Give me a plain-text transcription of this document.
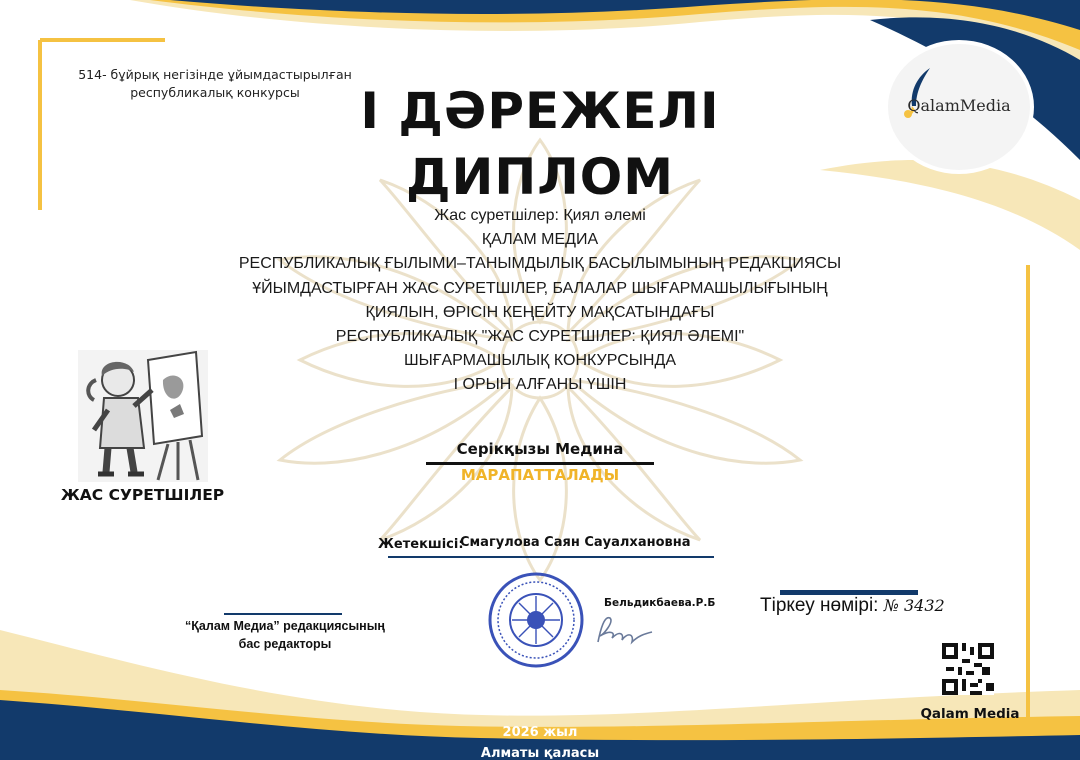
QalamMedia
514- бұйрық негізінде ұйымдастырылған республикалық конкурсы	І ДӘРЕЖЕЛІ
ДИПЛОМ
Жас суретшілер: Қиял әлемі
ҚАЛАМ МЕДИА
РЕСПУБЛИКАЛЫҚ ҒЫЛЫМИ–ТАНЫМДЫЛЫҚ БАСЫЛЫМЫНЫҢ РЕДАКЦИЯСЫ
ҰЙЫМДАСТЫРҒАН ЖАС СУРЕТШІЛЕР, БАЛАЛАР ШЫҒАРМАШЫЛЫҒЫНЫҢ
ҚИЯЛЫН, ӨРІСІН КЕҢЕЙТУ МАҚСАТЫНДАҒЫ
РЕСПУБЛИКАЛЫҚ "ЖАС СУРЕТШІЛЕР: ҚИЯЛ ӘЛЕМІ"
ШЫҒАРМАШЫЛЫҚ КОНКУРСЫНДА
І ОРЫН АЛҒАНЫ ҮШІН
Серікқызы Медина
МАРАПАТТАЛАДЫ
ЖАС СУРЕТШІЛЕР
Жетекшісі:
Смагулова Саян Сауалхановна
“Қалам Медиа” редакциясының
бас редакторы
Бельдикбаева.Р.Б Тіркеу нөмірі: № 3432
Qalam Media
2026 жыл
Алматы қаласы
